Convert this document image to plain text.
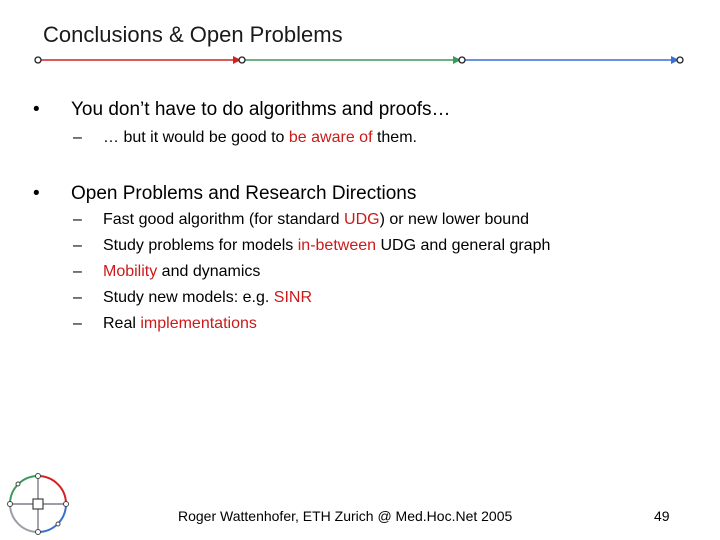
Conclusions & Open Problems
• You don’t have to do algorithms and proofs…
– … but it would be good to be aware of them.
• Open Problems and Research Directions
– Fast good algorithm (for standard UDG) or new lower bound
– Study problems for models in-between UDG and general graph
– Mobility and dynamics
– Study new models: e.g. SINR
– Real implementations
Roger Wattenhofer, ETH Zurich @ Med.Hoc.Net 2005	49
